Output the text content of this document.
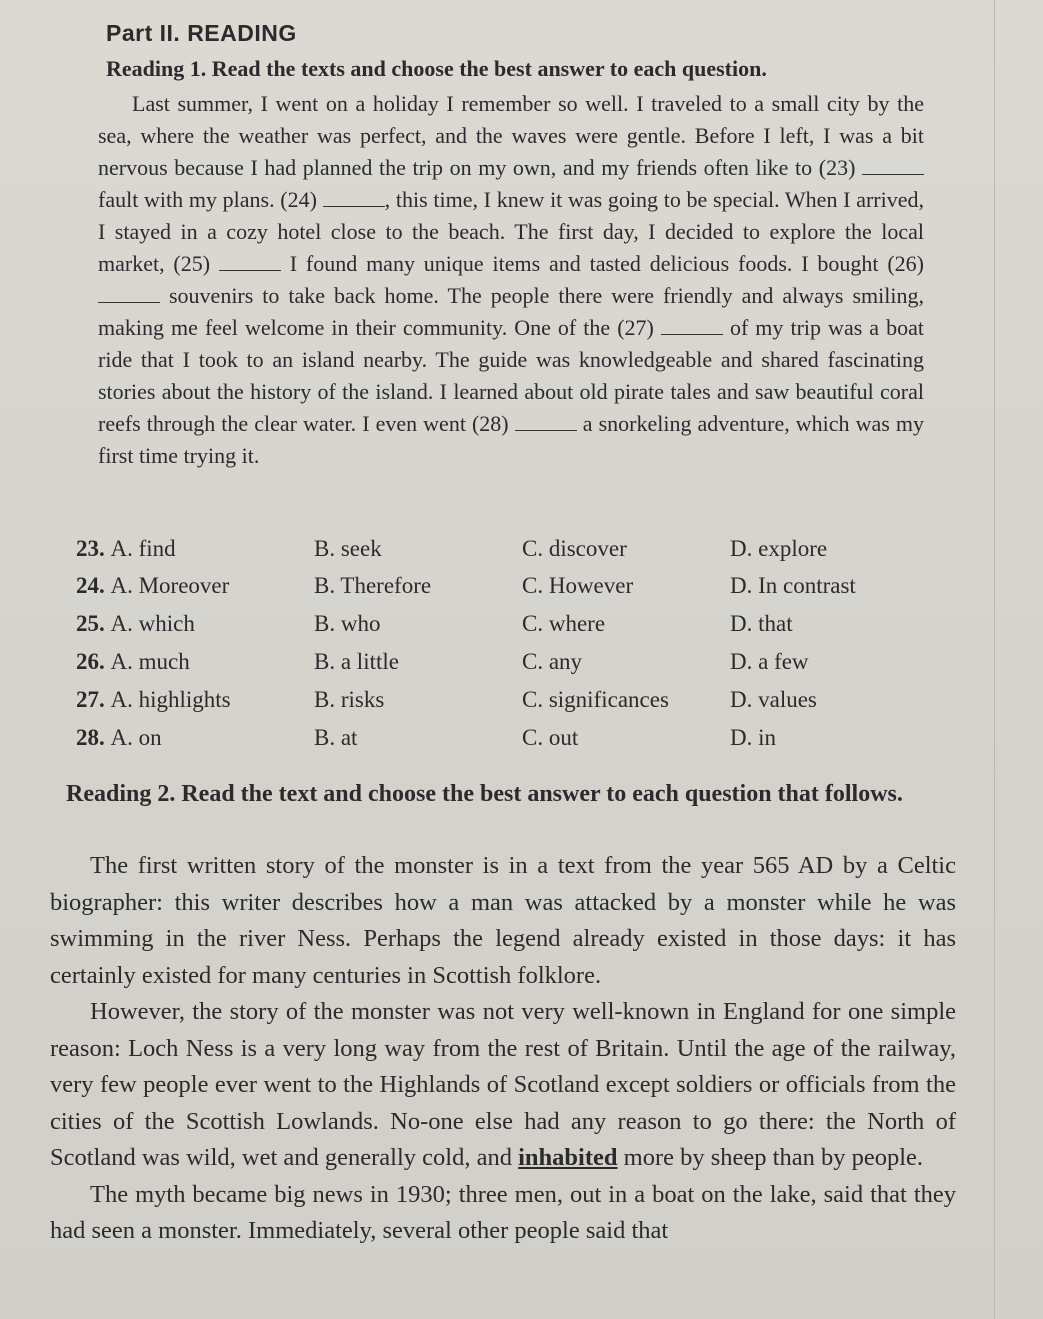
Part II. READING
Reading 1. Read the texts and choose the best answer to each question.
Last summer, I went on a holiday I remember so well. I traveled to a small city by the sea, where the weather was perfect, and the waves were gentle. Before I left, I was a bit nervous because I had planned the trip on my own, and my friends often like to (23)  fault with my plans. (24)	, this time, I knew it was going to be special. When I arrived, I stayed in a cozy hotel close to the beach. The first day, I decided to explore the local market, (25)	I found many unique items and tasted delicious foods. I bought (26)  souvenirs to take back home. The people there were friendly and always smiling, making me feel welcome in their community. One of the (27)	of my trip was a boat ride that I took to an island nearby. The guide was knowledgeable and shared fascinating stories about the history of the island. I learned about old pirate tales and saw beautiful coral reefs through the clear water. I even went (28)	a snorkeling adventure, which was my first time trying it.
23. A. find	B. seek	C. discover	D. explore
24. A. Moreover	B. Therefore	C. However	D. In contrast
25. A. which	B. who	C. where	D. that
26. A. much	B. a little	C. any	D. a few
27. A. highlights	B. risks	C. significances	D. values
28. A. on	B. at	C. out	D. in
Reading 2. Read the text and choose the best answer to each question that follows.
The first written story of the monster is in a text from the year 565 AD by a Celtic biographer: this writer describes how a man was attacked by a monster while he was swimming in the river Ness. Perhaps the legend already existed in those days: it has certainly existed for many centuries in Scottish folklore.
However, the story of the monster was not very well-known in England for one simple reason: Loch Ness is a very long way from the rest of Britain. Until the age of the railway, very few people ever went to the Highlands of Scotland except soldiers or officials from the cities of the Scottish Lowlands. No-one else had any reason to go there: the North of Scotland was wild, wet and generally cold, and inhabited more by sheep than by people.
The myth became big news in 1930; three men, out in a boat on the lake, said that they had seen a monster. Immediately, several other people said that
